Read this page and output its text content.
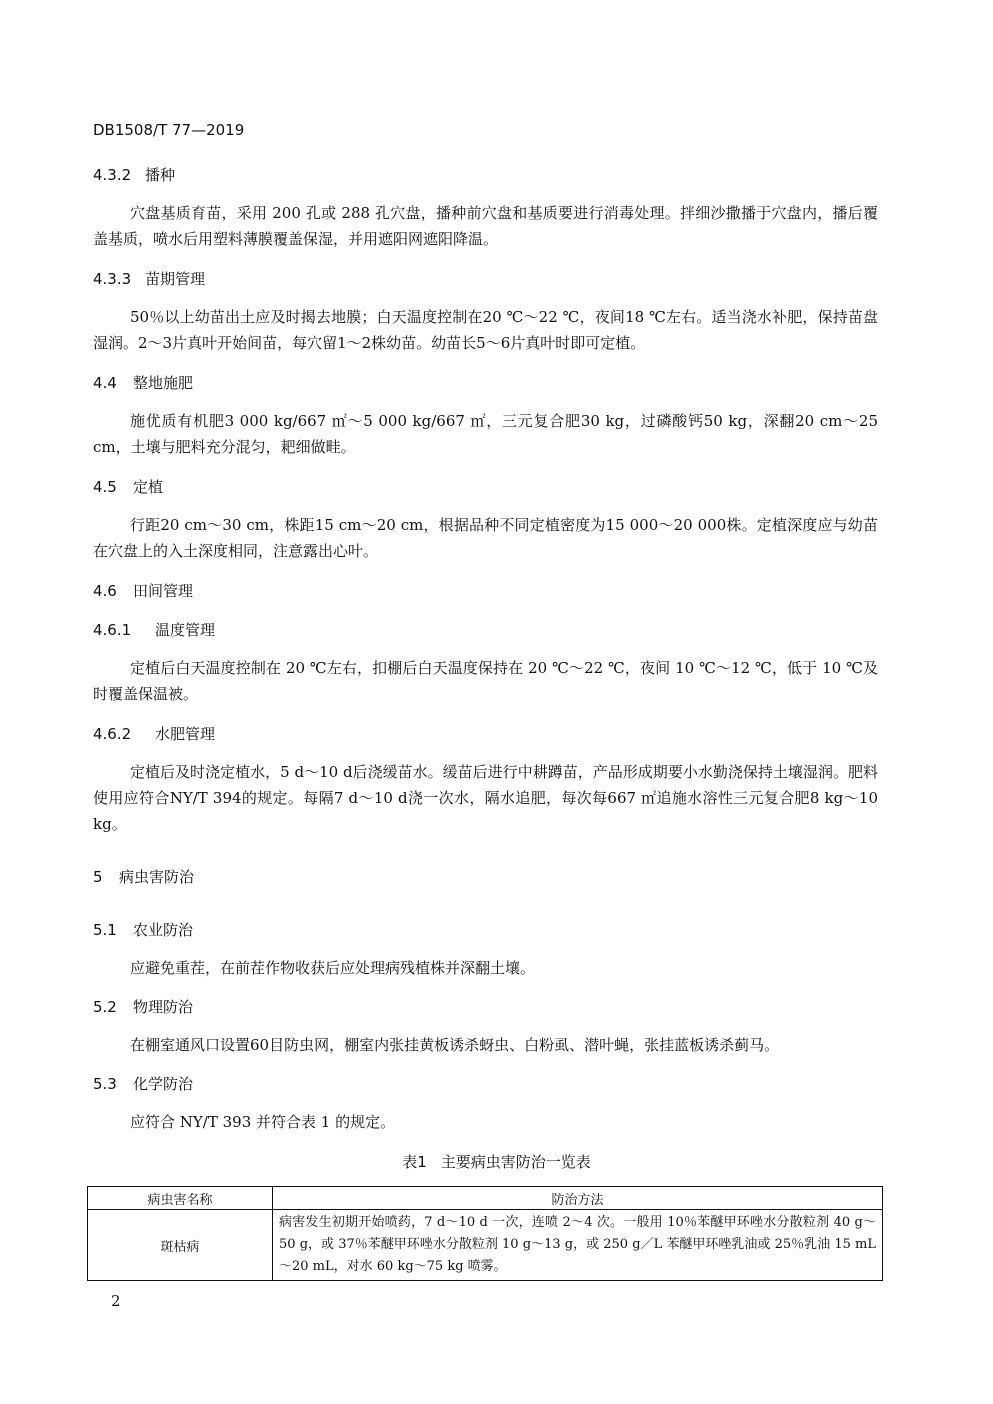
DB1508/T 77—2019
4.3.2 播种
穴盘基质育苗，采用 200 孔或 288 孔穴盘，播种前穴盘和基质要进行消毒处理。拌细沙撒播于穴盘内，播后覆盖基质，喷水后用塑料薄膜覆盖保湿，并用遮阳网遮阳降温。
4.3.3 苗期管理
50％以上幼苗出土应及时揭去地膜；白天温度控制在20 ℃～22 ℃，夜间18 ℃左右。适当浇水补肥，保持苗盘湿润。2～3片真叶开始间苗，每穴留1～2株幼苗。幼苗长5～6片真叶时即可定植。
4.4 整地施肥
施优质有机肥3 000 kg/667 ㎡～5 000 kg/667 ㎡，三元复合肥30 kg，过磷酸钙50 kg，深翻20 cm～25 cm，土壤与肥料充分混匀，耙细做畦。
4.5 定植
行距20 cm～30 cm，株距15 cm～20 cm，根据品种不同定植密度为15 000～20 000株。定植深度应与幼苗在穴盘上的入土深度相同，注意露出心叶。
4.6 田间管理
4.6.1 温度管理
定植后白天温度控制在 20 ℃左右，扣棚后白天温度保持在 20 ℃～22 ℃，夜间 10 ℃～12 ℃，低于 10 ℃及时覆盖保温被。
4.6.2 水肥管理
定植后及时浇定植水，5 d～10 d后浇缓苗水。缓苗后进行中耕蹲苗，产品形成期要小水勤浇保持土壤湿润。肥料使用应符合NY/T 394的规定。每隔7 d～10 d浇一次水，隔水追肥，每次每667 ㎡追施水溶性三元复合肥8 kg～10 kg。
5 病虫害防治
5.1 农业防治
应避免重茬，在前茬作物收获后应处理病残植株并深翻土壤。
5.2 物理防治
在棚室通风口设置60目防虫网，棚室内张挂黄板诱杀蚜虫、白粉虱、潜叶蝇，张挂蓝板诱杀蓟马。
5.3 化学防治
应符合 NY/T 393 并符合表 1 的规定。
表1 主要病虫害防治一览表
病虫害名称	防治方法
斑枯病	病害发生初期开始喷药，7 d～10 d 一次，连喷 2～4 次。一般用 10％苯醚甲环唑水分散粒剂 40 g～50 g，或 37％苯醚甲环唑水分散粒剂 10 g～13 g，或 250 g／L 苯醚甲环唑乳油或 25％乳油 15 mL～20 mL，对水 60 kg～75 kg 喷雾。
2
